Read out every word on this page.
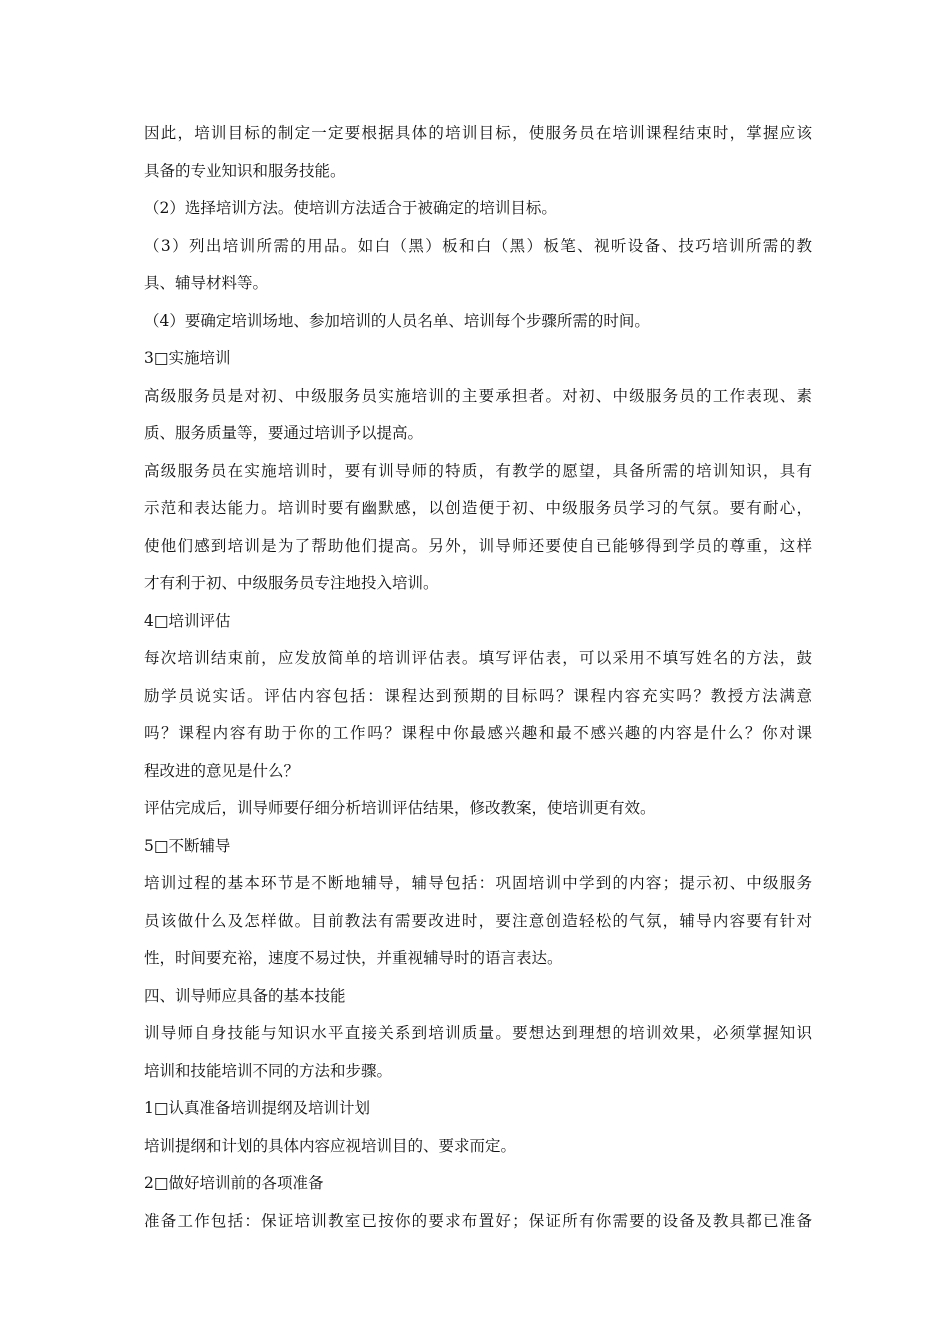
因此，培训目标的制定一定要根据具体的培训目标，使服务员在培训课程结束时，掌握应该
具备的专业知识和服务技能。
（2）选择培训方法。使培训方法适合于被确定的培训目标。
（3）列出培训所需的用品。如白（黑）板和白（黑）板笔、视听设备、技巧培训所需的教
具、辅导材料等。
（4）要确定培训场地、参加培训的人员名单、培训每个步骤所需的时间。
3□实施培训
高级服务员是对初、中级服务员实施培训的主要承担者。对初、中级服务员的工作表现、素
质、服务质量等，要通过培训予以提高。
高级服务员在实施培训时，要有训导师的特质，有教学的愿望，具备所需的培训知识，具有
示范和表达能力。培训时要有幽默感，以创造便于初、中级服务员学习的气氛。要有耐心，
使他们感到培训是为了帮助他们提高。另外，训导师还要使自已能够得到学员的尊重，这样
才有利于初、中级服务员专注地投入培训。
4□培训评估
每次培训结束前，应发放简单的培训评估表。填写评估表，可以采用不填写姓名的方法，鼓
励学员说实话。评估内容包括：课程达到预期的目标吗？课程内容充实吗？教授方法满意
吗？课程内容有助于你的工作吗？课程中你最感兴趣和最不感兴趣的内容是什么？你对课
程改进的意见是什么？
评估完成后，训导师要仔细分析培训评估结果，修改教案，使培训更有效。
5□不断辅导
培训过程的基本环节是不断地辅导，辅导包括：巩固培训中学到的内容；提示初、中级服务
员该做什么及怎样做。目前教法有需要改进时，要注意创造轻松的气氛，辅导内容要有针对
性，时间要充裕，速度不易过快，并重视辅导时的语言表达。
四、训导师应具备的基本技能
训导师自身技能与知识水平直接关系到培训质量。要想达到理想的培训效果，必须掌握知识
培训和技能培训不同的方法和步骤。
1□认真准备培训提纲及培训计划
培训提纲和计划的具体内容应视培训目的、要求而定。
2□做好培训前的各项准备
准备工作包括：保证培训教室已按你的要求布置好；保证所有你需要的设备及教具都已准备
